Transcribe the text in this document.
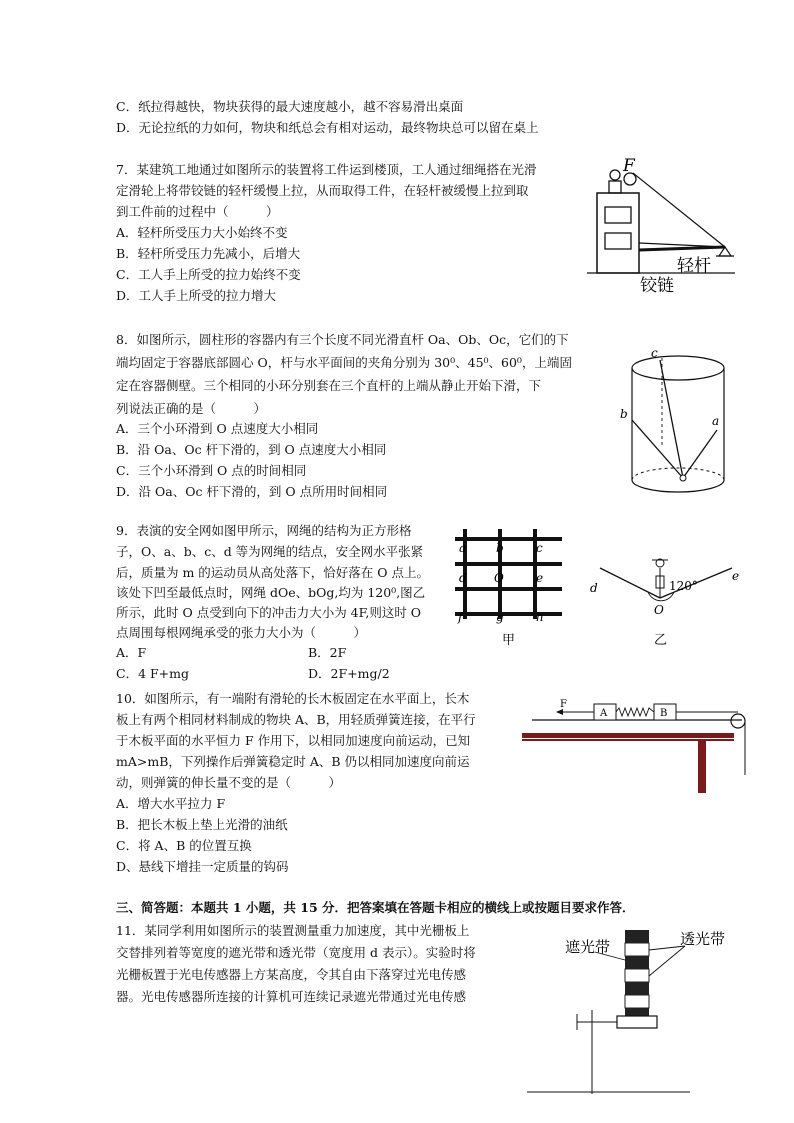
C．纸拉得越快，物块获得的最大速度越小，越不容易滑出桌面
D．无论拉纸的力如何，物块和纸总会有相对运动，最终物块总可以留在桌上
7．某建筑工地通过如图所示的装置将工件运到楼顶，工人通过细绳搭在光滑
定滑轮上将带铰链的轻杆缓慢上拉，从而取得工件，在轻杆被缓慢上拉到取
到工件前的过程中（　　　）
A．轻杆所受压力大小始终不变
B．轻杆所受压力先减小，后增大
C．工人手上所受的拉力始终不变
D．工人手上所受的拉力增大
F
轻杆
铰链
8．如图所示，圆柱形的容器内有三个长度不同光滑直杆 Oa、Ob、Oc，它们的下
端均固定于容器底部圆心 O，杆与水平面间的夹角分别为 30⁰、45⁰、60⁰，上端固
定在容器侧壁。三个相同的小环分别套在三个直杆的上端从静止开始下滑，下
列说法正确的是（　　　）
A．三个小环滑到 O 点速度大小相同
B．沿 Oa、Oc 杆下滑的，到 O 点速度大小相同
C．三个小环滑到 O 点的时间相同
D．沿 Oa、Oc 杆下滑的，到 O 点所用时间相同
c
b	a
9．表演的安全网如图甲所示，网绳的结构为正方形格
子，O、a、b、c、d 等为网绳的结点，安全网水平张紧
后，质量为 m 的运动员从高处落下，恰好落在 O 点上。
该处下凹至最低点时，网绳 dOe、bOg,均为 120⁰,图乙
所示，此时 O 点受到向下的冲击力大小为 4F,则这时 O
点周围每根网绳承受的张力大小为（　　　）
A．F	B．2F
C．4 F+mg	D．2F+mg/2
a b	c
d O	e
f	g	h
甲
d
e
O
120°
乙
10．如图所示，有一端附有滑轮的长木板固定在水平面上，长木
板上有两个相同材料制成的物块 A、B，用轻质弹簧连接，在平行
于木板平面的水平恒力 F 作用下，以相同加速度向前运动，已知
mA>mB，下列操作后弹簧稳定时 A、B 仍以相同加速度向前运
动，则弹簧的伸长量不变的是（　　　）
A．增大水平拉力 F
B．把长木板上垫上光滑的油纸
C．将 A、B 的位置互换
D、悬线下增挂一定质量的钩码
F
A	B
三、简答题：本题共 1 小题，共 15 分．把答案填在答题卡相应的横线上或按题目要求作答．
11．某同学利用如图所示的装置测量重力加速度，其中光栅板上
交替排列着等宽度的遮光带和透光带（宽度用 d 表示）。实验时将
光栅板置于光电传感器上方某高度，令其自由下落穿过光电传感
器。光电传感器所连接的计算机可连续记录遮光带通过光电传感
遮光带	透光带
